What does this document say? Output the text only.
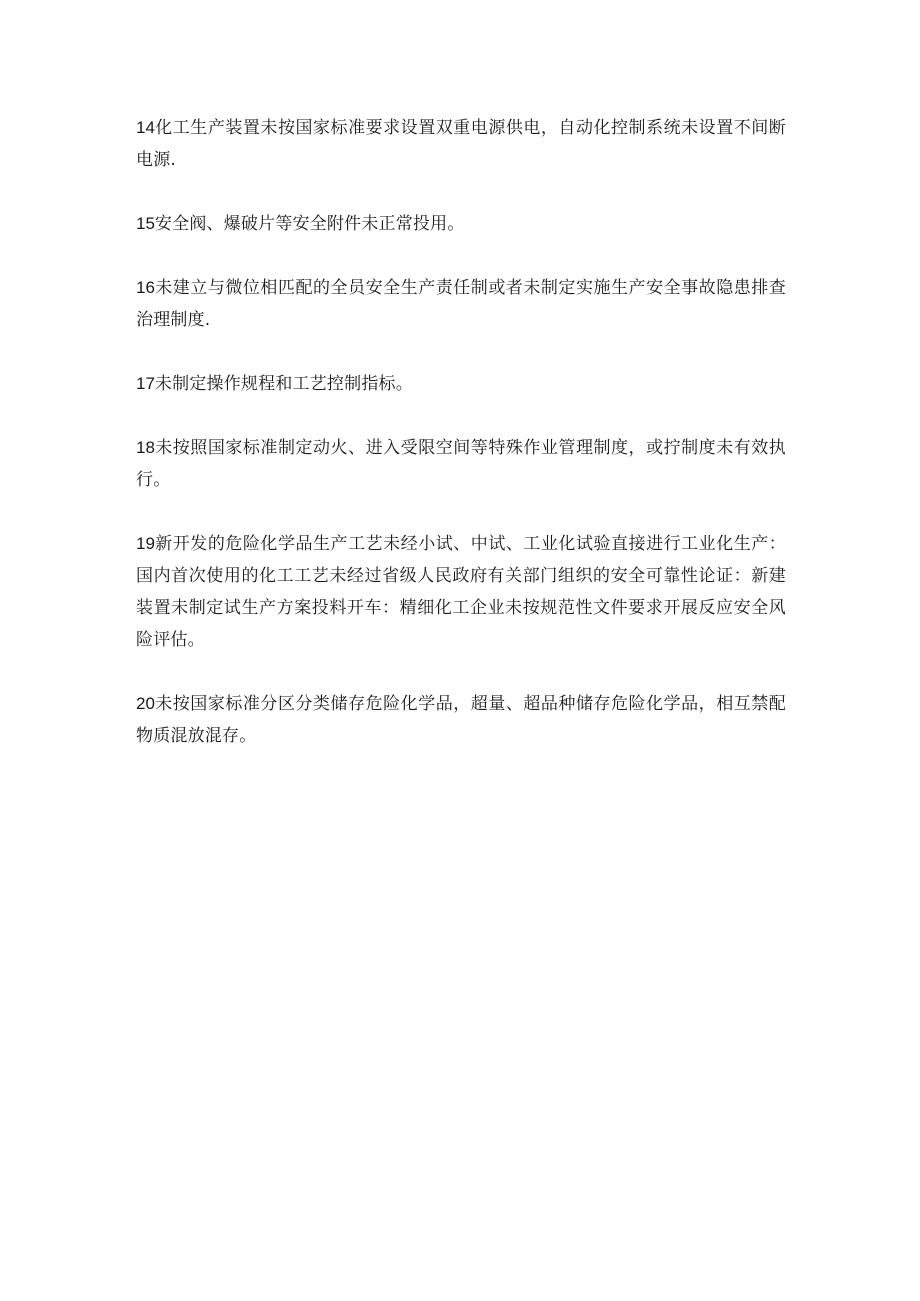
14化工生产装置未按国家标准要求设置双重电源供电，自动化控制系统未设置不间断电源.

15安全阀、爆破片等安全附件未正常投用。

16未建立与微位相匹配的全员安全生产责任制或者未制定实施生产安全事故隐患排查治理制度.

17未制定操作规程和工艺控制指标。

18未按照国家标准制定动火、进入受限空间等特殊作业管理制度，或拧制度未有效执行。

19新开发的危险化学品生产工艺未经小试、中试、工业化试验直接进行工业化生产：国内首次使用的化工工艺未经过省级人民政府有关部门组织的安全可靠性论证：新建装置未制定试生产方案投料开车：精细化工企业未按规范性文件要求开展反应安全风险评估。

20未按国家标准分区分类储存危险化学品，超量、超品种储存危险化学品，相互禁配物质混放混存。
